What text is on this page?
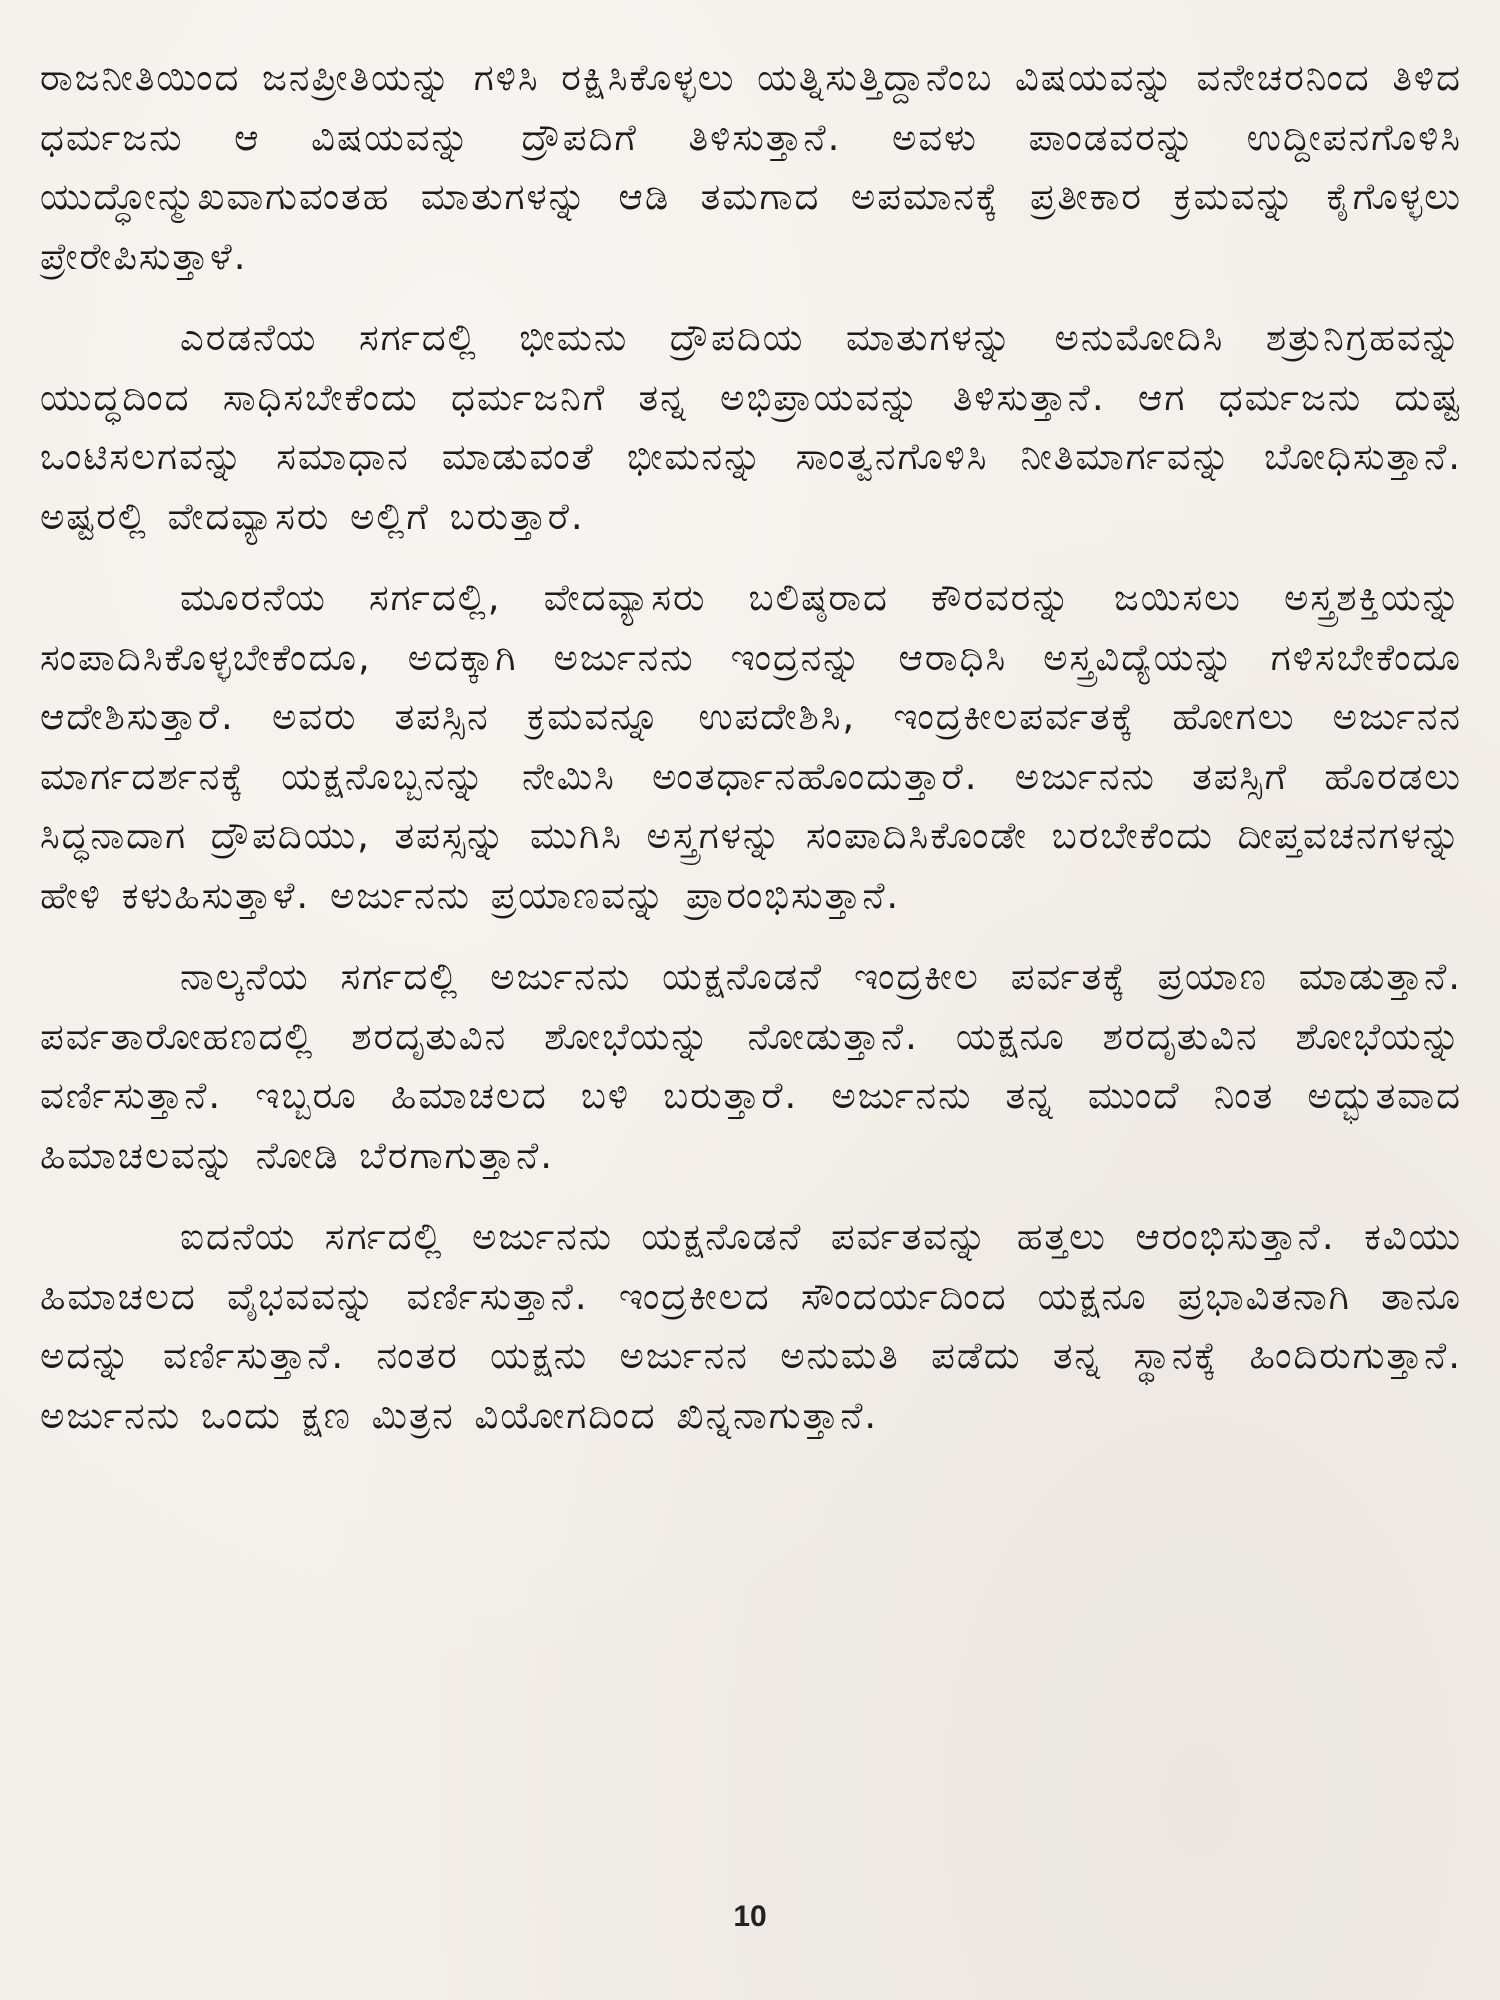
ರಾಜನೀತಿಯಿಂದ ಜನಪ್ರೀತಿಯನ್ನು ಗಳಿಸಿ ರಕ್ಷಿಸಿಕೊಳ್ಳಲು ಯತ್ನಿಸುತ್ತಿದ್ದಾನೆಂಬ ವಿಷಯವನ್ನು ವನೇಚರನಿಂದ ತಿಳಿದ ಧರ್ಮಜನು ಆ ವಿಷಯವನ್ನು ದ್ರೌಪದಿಗೆ ತಿಳಿಸುತ್ತಾನೆ. ಅವಳು ಪಾಂಡವರನ್ನು ಉದ್ದೀಪನಗೊಳಿಸಿ ಯುದ್ಧೋನ್ಮುಖವಾಗುವಂತಹ ಮಾತುಗಳನ್ನು ಆಡಿ ತಮಗಾದ ಅಪಮಾನಕ್ಕೆ ಪ್ರತೀಕಾರ ಕ್ರಮವನ್ನು ಕೈಗೊಳ್ಳಲು ಪ್ರೇರೇಪಿಸುತ್ತಾಳೆ.

ಎರಡನೆಯ ಸರ್ಗದಲ್ಲಿ ಭೀಮನು ದ್ರೌಪದಿಯ ಮಾತುಗಳನ್ನು ಅನುಮೋದಿಸಿ ಶತ್ರುನಿಗ್ರಹವನ್ನು ಯುದ್ಧದಿಂದ ಸಾಧಿಸಬೇಕೆಂದು ಧರ್ಮಜನಿಗೆ ತನ್ನ ಅಭಿಪ್ರಾಯವನ್ನು ತಿಳಿಸುತ್ತಾನೆ. ಆಗ ಧರ್ಮಜನು ದುಷ್ಟ ಒಂಟಿಸಲಗವನ್ನು ಸಮಾಧಾನ ಮಾಡುವಂತೆ ಭೀಮನನ್ನು ಸಾಂತ್ವನಗೊಳಿಸಿ ನೀತಿಮಾರ್ಗವನ್ನು ಬೋಧಿಸುತ್ತಾನೆ. ಅಷ್ಟರಲ್ಲಿ ವೇದವ್ಯಾಸರು ಅಲ್ಲಿಗೆ ಬರುತ್ತಾರೆ.

ಮೂರನೆಯ ಸರ್ಗದಲ್ಲಿ, ವೇದವ್ಯಾಸರು ಬಲಿಷ್ಠರಾದ ಕೌರವರನ್ನು ಜಯಿಸಲು ಅಸ್ತ್ರಶಕ್ತಿಯನ್ನು ಸಂಪಾದಿಸಿಕೊಳ್ಳಬೇಕೆಂದೂ, ಅದಕ್ಕಾಗಿ ಅರ್ಜುನನು ಇಂದ್ರನನ್ನು ಆರಾಧಿಸಿ ಅಸ್ತ್ರವಿದ್ಯೆಯನ್ನು ಗಳಿಸಬೇಕೆಂದೂ ಆದೇಶಿಸುತ್ತಾರೆ. ಅವರು ತಪಸ್ಸಿನ ಕ್ರಮವನ್ನೂ ಉಪದೇಶಿಸಿ, ಇಂದ್ರಕೀಲಪರ್ವತಕ್ಕೆ ಹೋಗಲು ಅರ್ಜುನನ ಮಾರ್ಗದರ್ಶನಕ್ಕೆ ಯಕ್ಷನೊಬ್ಬನನ್ನು ನೇಮಿಸಿ ಅಂತರ್ಧಾನಹೊಂದುತ್ತಾರೆ. ಅರ್ಜುನನು ತಪಸ್ಸಿಗೆ ಹೊರಡಲು ಸಿದ್ಧನಾದಾಗ ದ್ರೌಪದಿಯು, ತಪಸ್ಸನ್ನು ಮುಗಿಸಿ ಅಸ್ತ್ರಗಳನ್ನು ಸಂಪಾದಿಸಿಕೊಂಡೇ ಬರಬೇಕೆಂದು ದೀಪ್ತವಚನಗಳನ್ನು ಹೇಳಿ ಕಳುಹಿಸುತ್ತಾಳೆ. ಅರ್ಜುನನು ಪ್ರಯಾಣವನ್ನು ಪ್ರಾರಂಭಿಸುತ್ತಾನೆ.

ನಾಲ್ಕನೆಯ ಸರ್ಗದಲ್ಲಿ ಅರ್ಜುನನು ಯಕ್ಷನೊಡನೆ ಇಂದ್ರಕೀಲ ಪರ್ವತಕ್ಕೆ ಪ್ರಯಾಣ ಮಾಡುತ್ತಾನೆ. ಪರ್ವತಾರೋಹಣದಲ್ಲಿ ಶರದೃತುವಿನ ಶೋಭೆಯನ್ನು ನೋಡುತ್ತಾನೆ. ಯಕ್ಷನೂ ಶರದೃತುವಿನ ಶೋಭೆಯನ್ನು ವರ್ಣಿಸುತ್ತಾನೆ. ಇಬ್ಬರೂ ಹಿಮಾಚಲದ ಬಳಿ ಬರುತ್ತಾರೆ. ಅರ್ಜುನನು ತನ್ನ ಮುಂದೆ ನಿಂತ ಅದ್ಭುತವಾದ ಹಿಮಾಚಲವನ್ನು ನೋಡಿ ಬೆರಗಾಗುತ್ತಾನೆ.

ಐದನೆಯ ಸರ್ಗದಲ್ಲಿ ಅರ್ಜುನನು ಯಕ್ಷನೊಡನೆ ಪರ್ವತವನ್ನು ಹತ್ತಲು ಆರಂಭಿಸುತ್ತಾನೆ. ಕವಿಯು ಹಿಮಾಚಲದ ವೈಭವವನ್ನು ವರ್ಣಿಸುತ್ತಾನೆ. ಇಂದ್ರಕೀಲದ ಸೌಂದರ್ಯದಿಂದ ಯಕ್ಷನೂ ಪ್ರಭಾವಿತನಾಗಿ ತಾನೂ ಅದನ್ನು ವರ್ಣಿಸುತ್ತಾನೆ. ನಂತರ ಯಕ್ಷನು ಅರ್ಜುನನ ಅನುಮತಿ ಪಡೆದು ತನ್ನ ಸ್ಥಾನಕ್ಕೆ ಹಿಂದಿರುಗುತ್ತಾನೆ. ಅರ್ಜುನನು ಒಂದು ಕ್ಷಣ ಮಿತ್ರನ ವಿಯೋಗದಿಂದ ಖಿನ್ನನಾಗುತ್ತಾನೆ.

10
